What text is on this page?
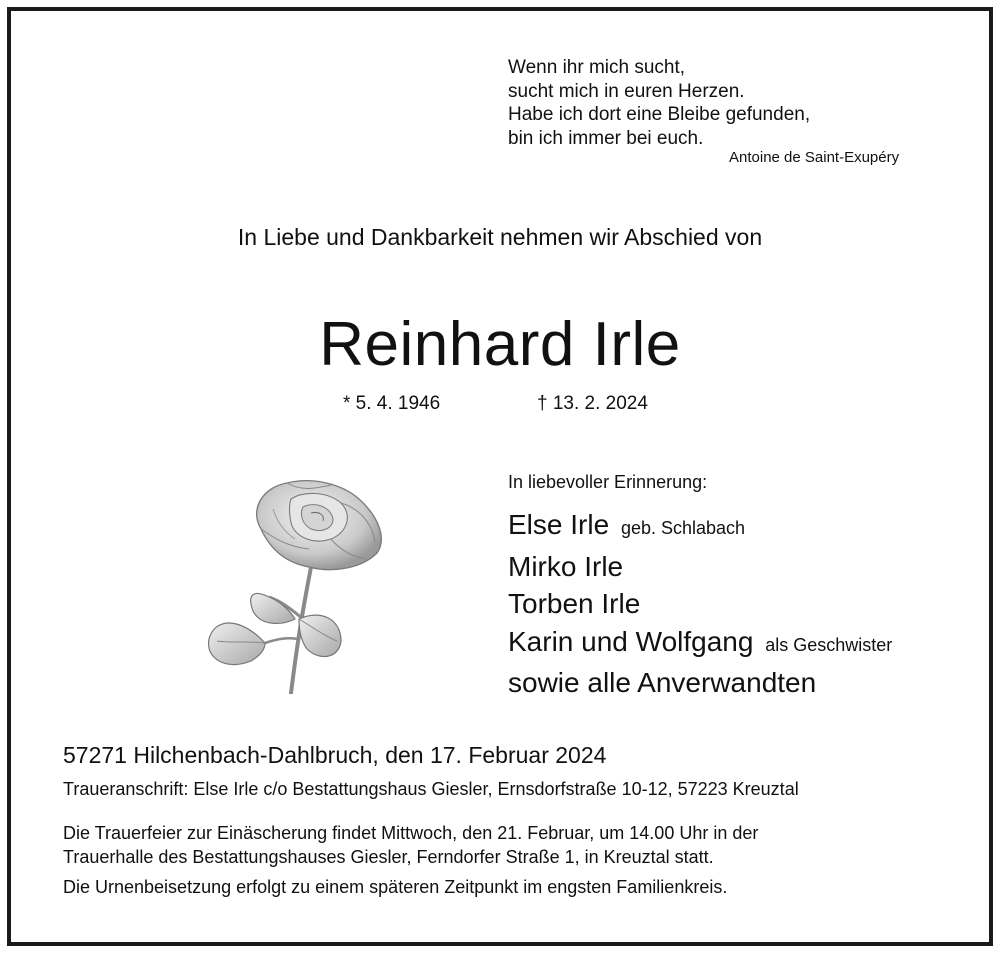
Wenn ihr mich sucht,
sucht mich in euren Herzen.
Habe ich dort eine Bleibe gefunden,
bin ich immer bei euch.
Antoine de Saint-Exupéry
In Liebe und Dankbarkeit nehmen wir Abschied von
Reinhard Irle
* 5. 4. 1946	† 13. 2. 2024
In liebevoller Erinnerung:
Else Irle geb. Schlabach
Mirko Irle
Torben Irle
Karin und Wolfgang als Geschwister
sowie alle Anverwandten
57271 Hilchenbach-Dahlbruch, den 17. Februar 2024
Traueranschrift: Else Irle c/o Bestattungshaus Giesler, Ernsdorfstraße 10-12, 57223 Kreuztal
Die Trauerfeier zur Einäscherung findet Mittwoch, den 21. Februar, um 14.00 Uhr in der
Trauerhalle des Bestattungshauses Giesler, Ferndorfer Straße 1, in Kreuztal statt.
Die Urnenbeisetzung erfolgt zu einem späteren Zeitpunkt im engsten Familienkreis.
